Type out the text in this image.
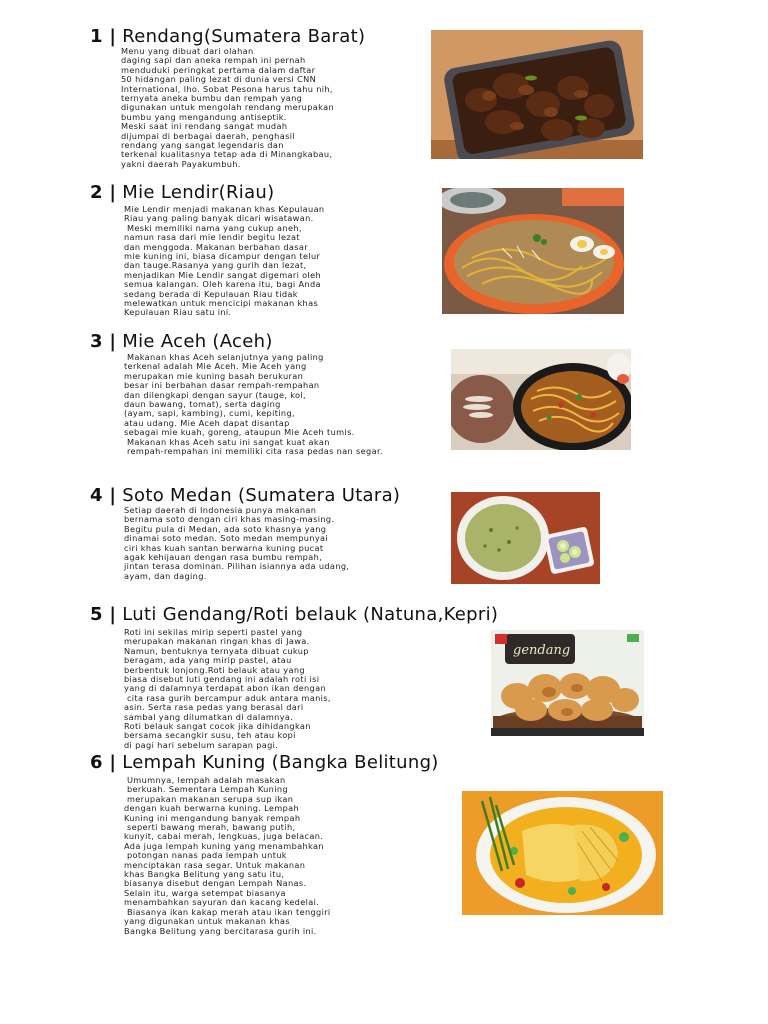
1 | Rendang(Sumatera Barat)
Menu yang dibuat dari olahan
daging sapi dan aneka rempah ini pernah
menduduki peringkat pertama dalam daftar
50 hidangan paling lezat di dunia versi CNN
International, lho. Sobat Pesona harus tahu nih,
ternyata aneka bumbu dan rempah yang
digunakan untuk mengolah rendang merupakan
bumbu yang mengandung antiseptik.
Meski saat ini rendang sangat mudah
dijumpai di berbagai daerah, penghasil
rendang yang sangat legendaris dan
terkenal kualitasnya tetap ada di Minangkabau,
yakni daerah Payakumbuh.
2 | Mie Lendir(Riau)
Mie Lendir menjadi makanan khas Kepulauan
Riau yang paling banyak dicari wisatawan.
Meski memiliki nama yang cukup aneh,
namun rasa dari mie lendir begitu lezat
dan menggoda. Makanan berbahan dasar
mie kuning ini, biasa dicampur dengan telur
dan tauge.Rasanya yang gurih dan lezat,
menjadikan Mie Lendir sangat digemari oleh
semua kalangan. Oleh karena itu, bagi Anda
sedang berada di Kepulauan Riau tidak
melewatkan untuk mencicipi makanan khas
Kepulauan Riau satu ini.
3 | Mie Aceh (Aceh)
Makanan khas Aceh selanjutnya yang paling
terkenal adalah Mie Aceh. Mie Aceh yang
merupakan mie kuning basah berukuran
besar ini berbahan dasar rempah-rempahan
dan dilengkapi dengan sayur (tauge, kol,
daun bawang, tomat), serta daging
(ayam, sapi, kambing), cumi, kepiting,
atau udang. Mie Aceh dapat disantap
sebagai mie kuah, goreng, ataupun Mie Aceh tumis.
Makanan khas Aceh satu ini sangat kuat akan
rempah-rempahan ini memiliki cita rasa pedas nan segar.
4 | Soto Medan (Sumatera Utara)
Setiap daerah di Indonesia punya makanan
bernama soto dengan ciri khas masing-masing.
Begitu pula di Medan, ada soto khasnya yang
dinamai soto medan. Soto medan mempunyai
ciri khas kuah santan berwarna kuning pucat
agak kehijauan dengan rasa bumbu rempah,
jintan terasa dominan. Pilihan isiannya ada udang,
ayam, dan daging.
5 | Luti Gendang/Roti belauk (Natuna,Kepri)
Roti ini sekilas mirip seperti pastel yang
merupakan makanan ringan khas di Jawa.
Namun, bentuknya ternyata dibuat cukup
beragam, ada yang mirip pastel, atau
berbentuk lonjong.Roti belauk atau yang
biasa disebut luti gendang ini adalah roti isi
yang di dalamnya terdapat abon ikan dengan
cita rasa gurih bercampur aduk antara manis,
asin. Serta rasa pedas yang berasal dari
sambal yang dilumatkan di dalamnya.
Roti belauk sangat cocok jika dihidangkan
bersama secangkir susu, teh atau kopi
di pagi hari sebelum sarapan pagi.
gendang
6 | Lempah Kuning (Bangka Belitung)
Umumnya, lempah adalah masakan
berkuah. Sementara Lempah Kuning
merupakan makanan serupa sup ikan
dengan kuah berwarna kuning. Lempah
Kuning ini mengandung banyak rempah
seperti bawang merah, bawang putih,
kunyit, cabai merah, lengkuas, juga belacan.
Ada juga lempah kuning yang menambahkan
potongan nanas pada lempah untuk
menciptakan rasa segar. Untuk makanan
khas Bangka Belitung yang satu itu,
biasanya disebut dengan Lempah Nanas.
Selain itu, warga setempat biasanya
menambahkan sayuran dan kacang kedelai.
Biasanya ikan kakap merah atau ikan tenggiri
yang digunakan untuk makanan khas
Bangka Belitung yang bercitarasa gurih ini.
